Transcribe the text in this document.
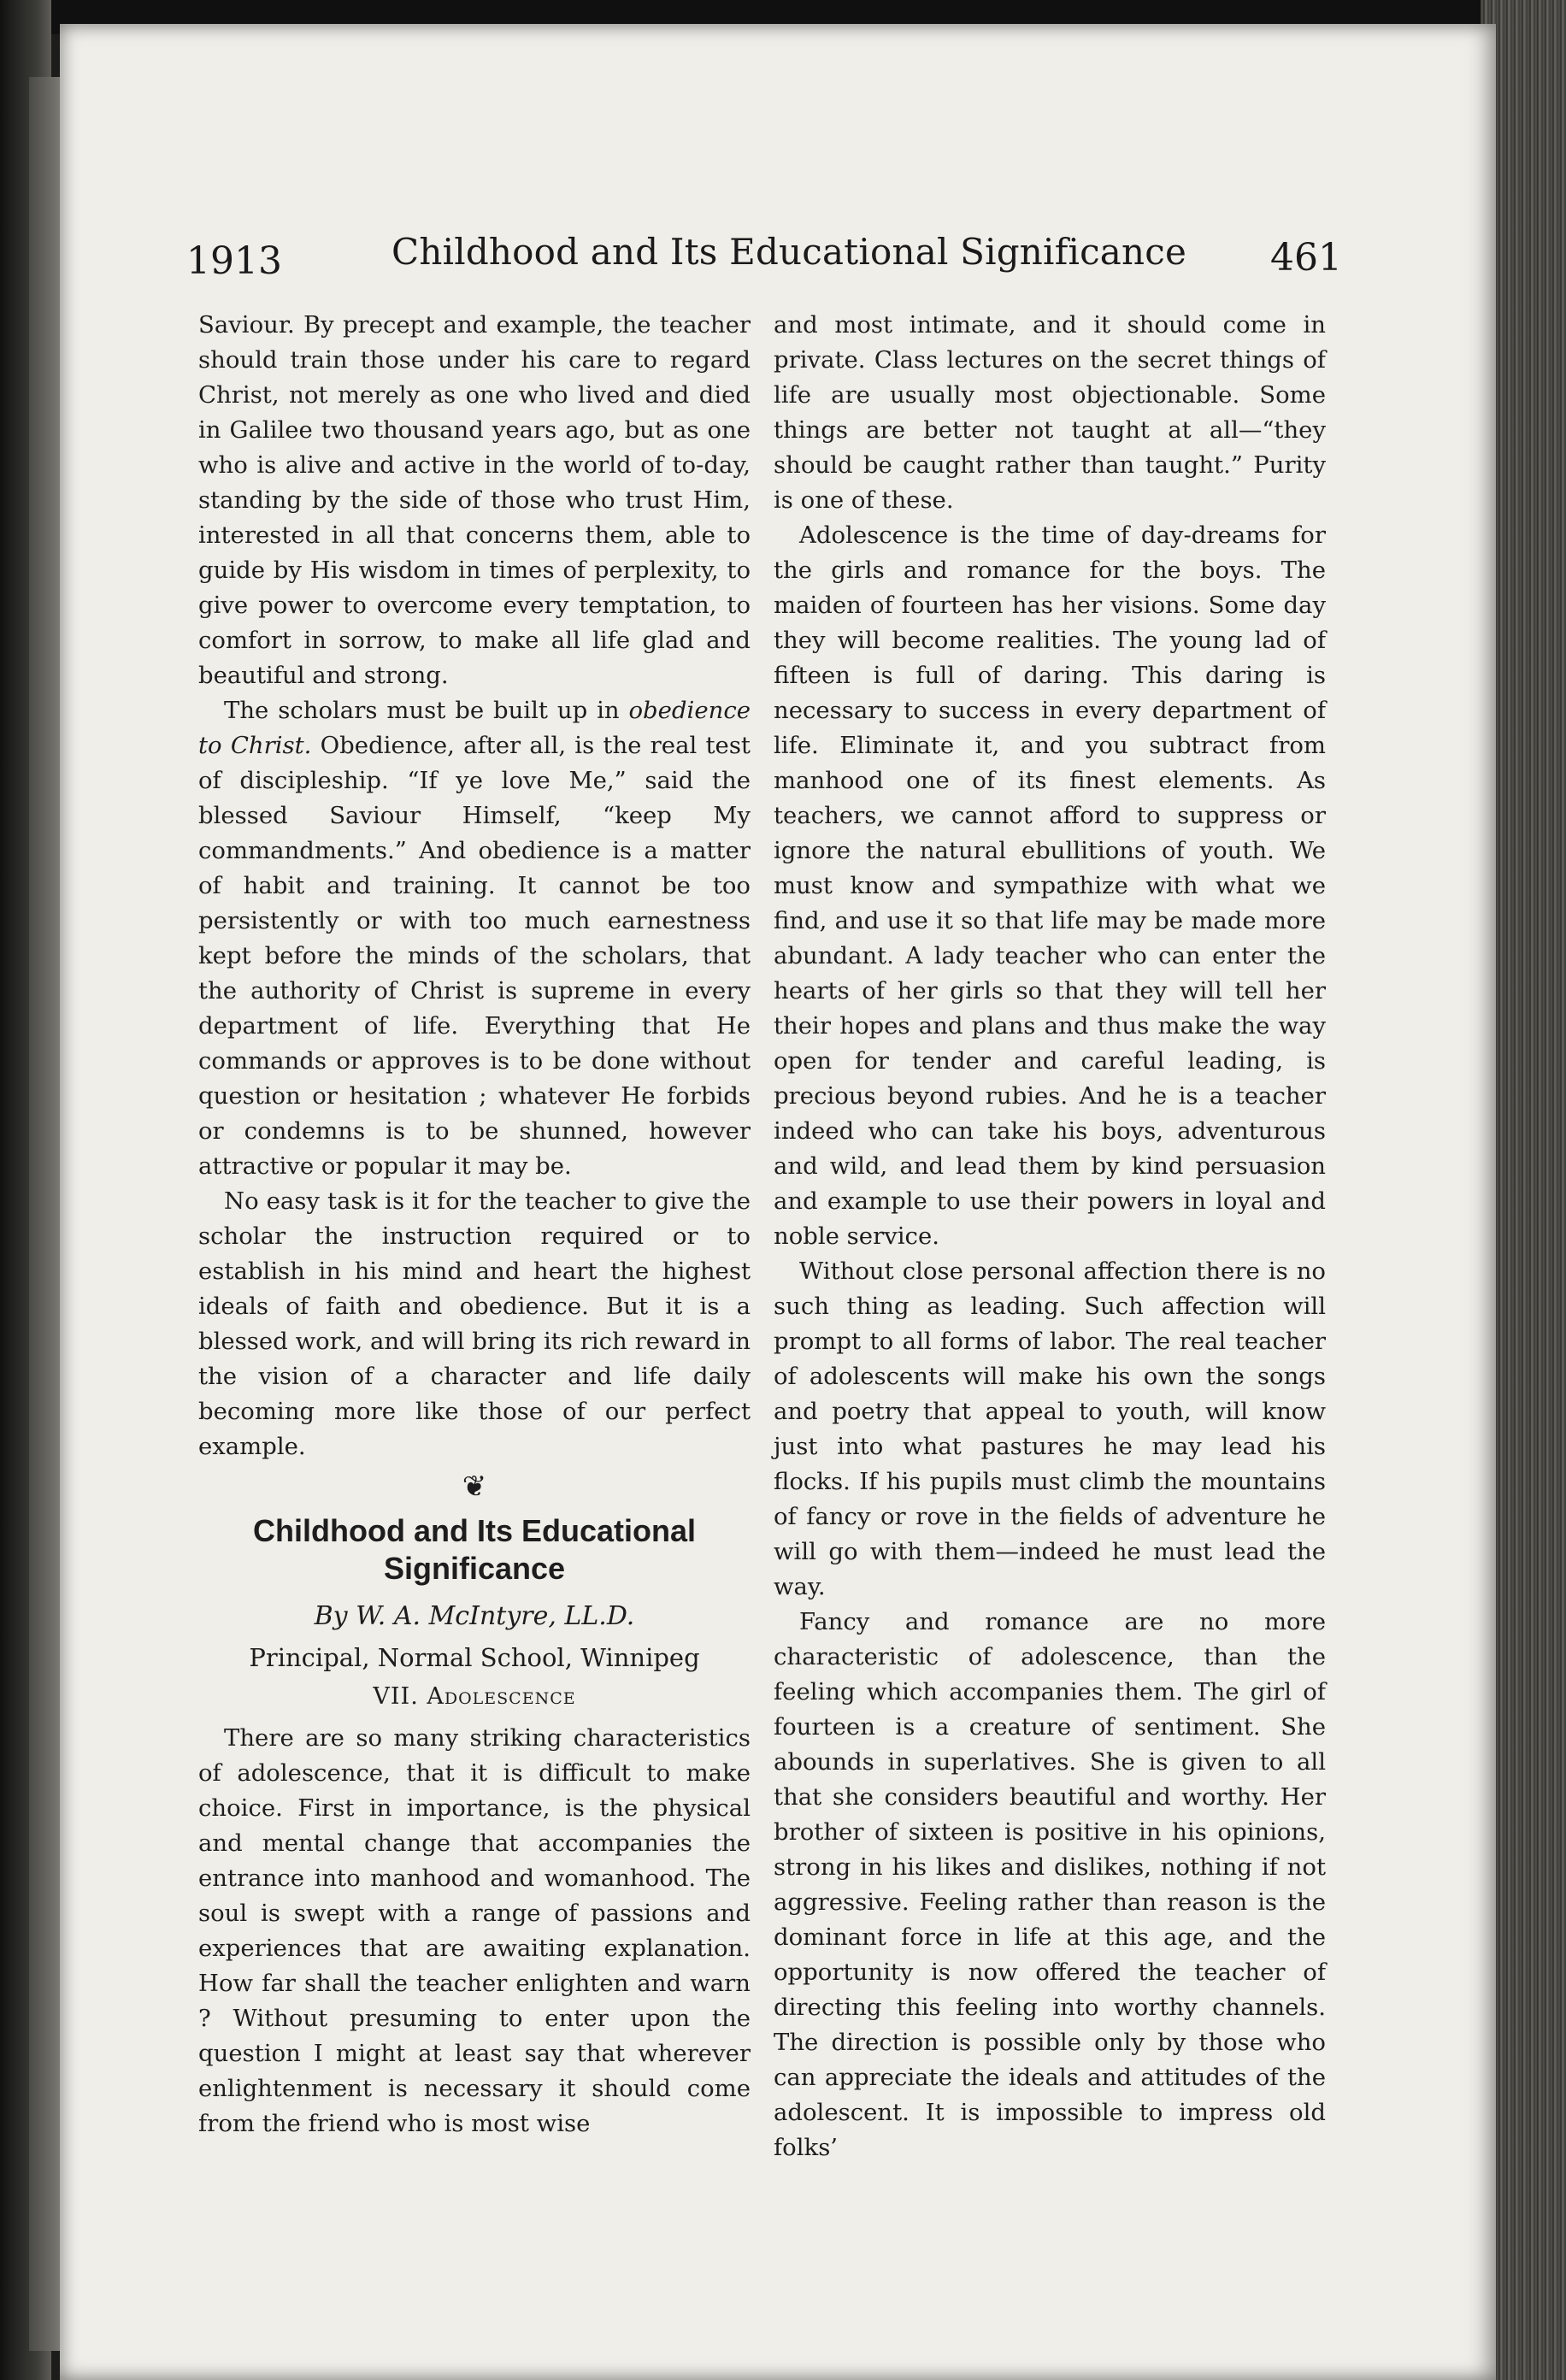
1913	Childhood and Its Educational Significance 461

Saviour. By precept and example, the teacher should train those under his care to regard Christ, not merely as one who lived and died in Galilee two thousand years ago, but as one who is alive and active in the world of to-day, standing by the side of those who trust Him, interested in all that concerns them, able to guide by His wisdom in times of perplexity, to give power to overcome every temptation, to comfort in sorrow, to make all life glad and beautiful and strong.

The scholars must be built up in obedience to Christ. Obedience, after all, is the real test of discipleship. “If ye love Me,” said the blessed Saviour Himself, “keep My commandments.” And obedience is a matter of habit and training. It cannot be too persistently or with too much earnestness kept before the minds of the scholars, that the authority of Christ is supreme in every department of life. Everything that He commands or approves is to be done without question or hesitation ; whatever He forbids or condemns is to be shunned, however attractive or popular it may be.

No easy task is it for the teacher to give the scholar the instruction required or to establish in his mind and heart the highest ideals of faith and obedience. But it is a blessed work, and will bring its rich reward in the vision of a character and life daily becoming more like those of our perfect example.

❦
Childhood and Its Educational Significance
By W. A. McIntyre, LL.D.
Principal, Normal School, Winnipeg
VII. Adolescence

There are so many striking characteristics of adolescence, that it is difficult to make choice. First in importance, is the physical and mental change that accompanies the entrance into manhood and womanhood. The soul is swept with a range of passions and experiences that are awaiting explanation. How far shall the teacher enlighten and warn ? Without presuming to enter upon the question I might at least say that wherever enlightenment is necessary it should come from the friend who is most wise

and most intimate, and it should come in private. Class lectures on the secret things of life are usually most objectionable. Some things are better not taught at all—“they should be caught rather than taught.” Purity is one of these.

Adolescence is the time of day-dreams for the girls and romance for the boys. The maiden of fourteen has her visions. Some day they will become realities. The young lad of fifteen is full of daring. This daring is necessary to success in every department of life. Eliminate it, and you subtract from manhood one of its finest elements. As teachers, we cannot afford to suppress or ignore the natural ebullitions of youth. We must know and sympathize with what we find, and use it so that life may be made more abundant. A lady teacher who can enter the hearts of her girls so that they will tell her their hopes and plans and thus make the way open for tender and careful leading, is precious beyond rubies. And he is a teacher indeed who can take his boys, adventurous and wild, and lead them by kind persuasion and example to use their powers in loyal and noble service.

Without close personal affection there is no such thing as leading. Such affection will prompt to all forms of labor. The real teacher of adolescents will make his own the songs and poetry that appeal to youth, will know just into what pastures he may lead his flocks. If his pupils must climb the mountains of fancy or rove in the fields of adventure he will go with them—indeed he must lead the way.

Fancy and romance are no more characteristic of adolescence, than the feeling which accompanies them. The girl of fourteen is a creature of sentiment. She abounds in superlatives. She is given to all that she considers beautiful and worthy. Her brother of sixteen is positive in his opinions, strong in his likes and dislikes, nothing if not aggressive. Feeling rather than reason is the dominant force in life at this age, and the opportunity is now offered the teacher of directing this feeling into worthy channels. The direction is possible only by those who can appreciate the ideals and attitudes of the adolescent. It is impossible to impress old folks’
